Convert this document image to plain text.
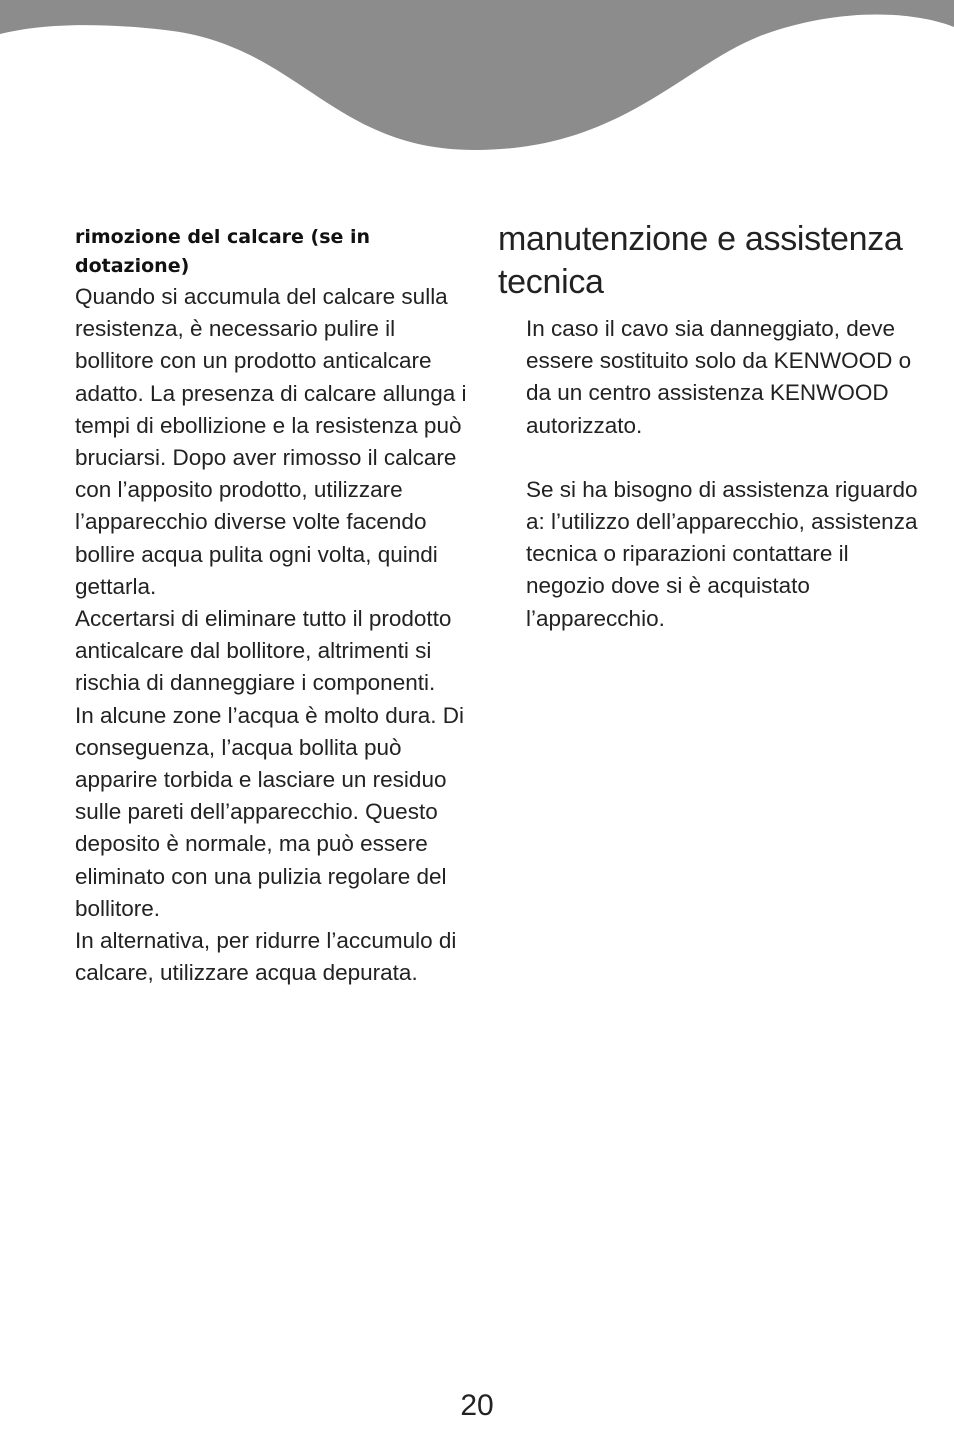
rimozione del calcare (se in dotazione)

Quando si accumula del calcare sulla resistenza, è necessario pulire il bollitore con un prodotto anticalcare adatto. La presenza di calcare allunga i tempi di ebollizione e la resistenza può bruciarsi. Dopo aver rimosso il calcare con l’apposito prodotto, utilizzare l’apparecchio diverse volte facendo bollire acqua pulita ogni volta, quindi gettarla.

Accertarsi di eliminare tutto il prodotto anticalcare dal bollitore, altrimenti si rischia di danneggiare i componenti.

In alcune zone l’acqua è molto dura. Di conseguenza, l’acqua bollita può apparire torbida e lasciare un residuo sulle pareti dell’apparecchio. Questo deposito è normale, ma può essere eliminato con una pulizia regolare del bollitore.

In alternativa, per ridurre l’accumulo di calcare, utilizzare acqua depurata.

manutenzione e assistenza tecnica

In caso il cavo sia danneggiato, deve essere sostituito solo da KENWOOD o da un centro assistenza KENWOOD autorizzato.

Se si ha bisogno di assistenza riguardo a: l’utilizzo dell’apparecchio, assistenza tecnica o riparazioni contattare il negozio dove si è acquistato l’apparecchio.

20
